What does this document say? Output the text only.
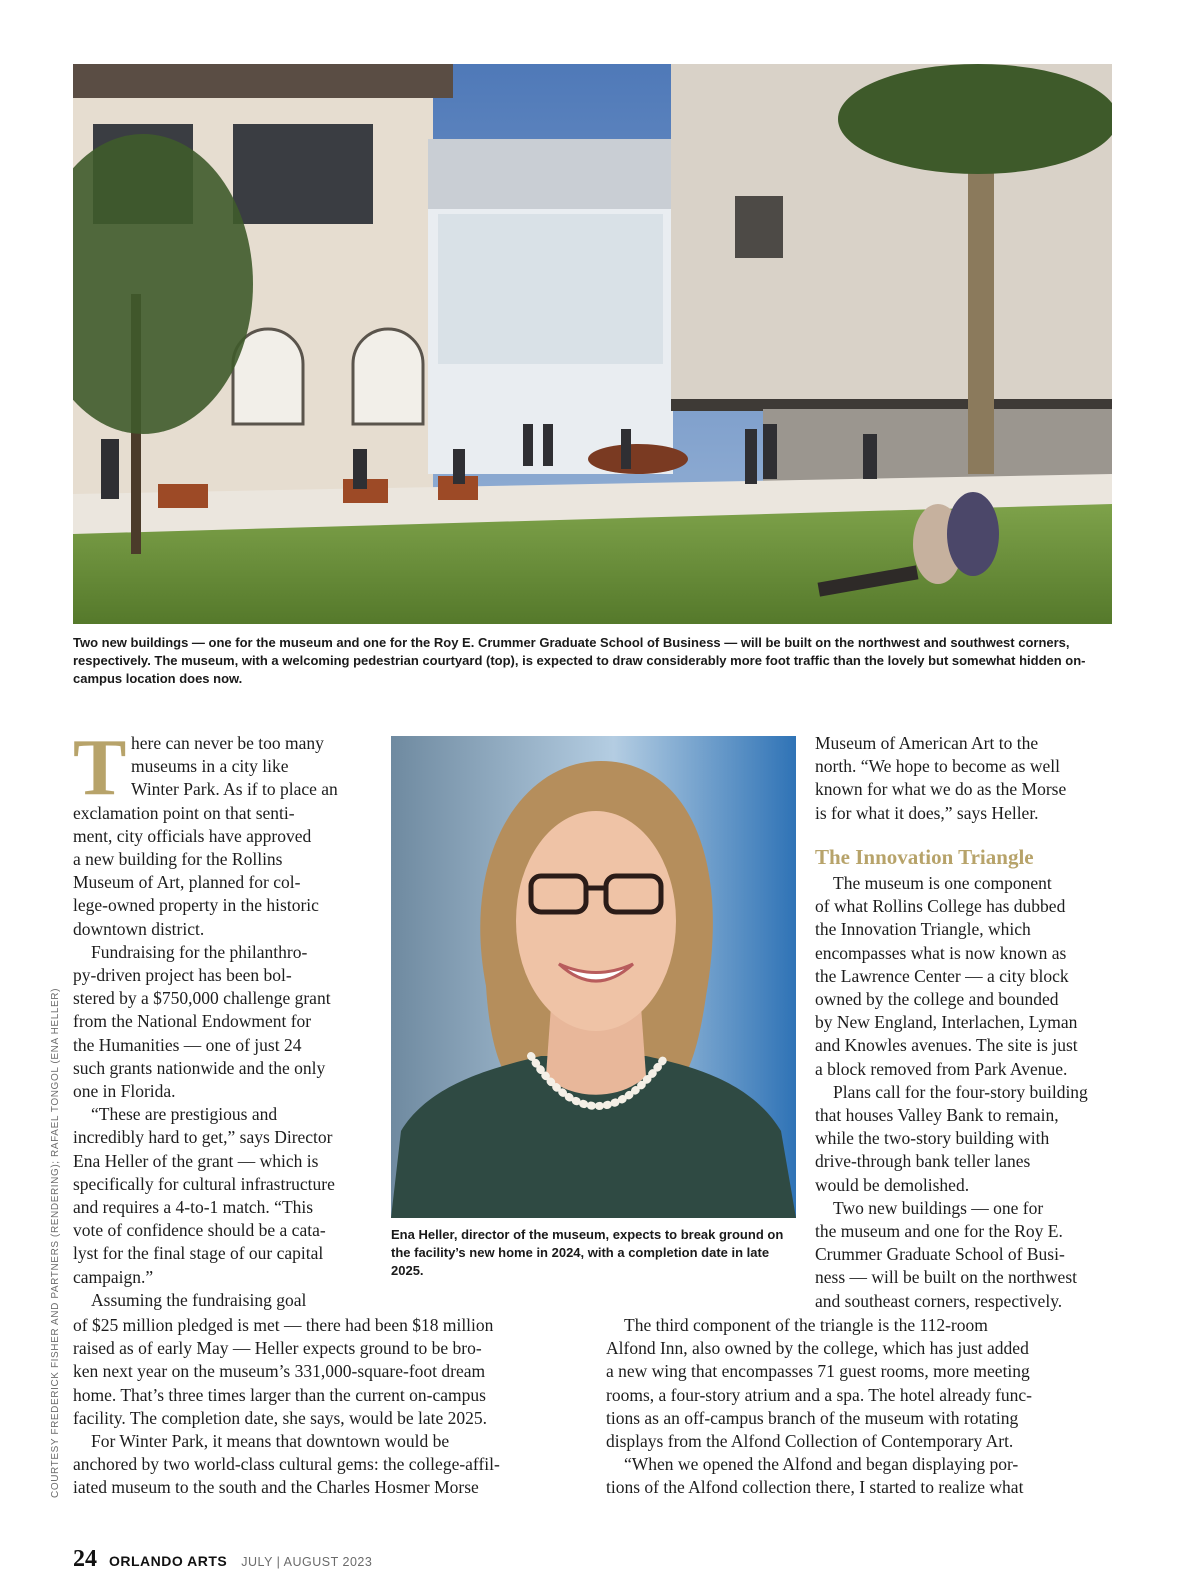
Two new buildings — one for the museum and one for the Roy E. Crummer Graduate School of Business — will be built on the northwest and southwest corners, respectively. The museum, with a welcoming pedestrian courtyard (top), is expected to draw considerably more foot traffic than the lovely but somewhat hidden on-campus location does now.

Ena Heller, director of the museum, expects to break ground on the facility’s new home in 2024, with a completion date in late 2025.

T here can never be too many
museums in a city like
Winter Park. As if to place an
exclamation point on that senti-
ment, city officials have approved
a new building for the Rollins
Museum of Art, planned for col-
lege-owned property in the historic
downtown district.
Fundraising for the philanthro-
py-driven project has been bol-
stered by a $750,000 challenge grant
from the National Endowment for
the Humanities — one of just 24
such grants nationwide and the only
one in Florida.
“These are prestigious and
incredibly hard to get,” says Director
Ena Heller of the grant — which is
specifically for cultural infrastructure
and requires a 4-to-1 match. “This
vote of confidence should be a cata-
lyst for the final stage of our capital
campaign.”
Assuming the fundraising goal
Museum of American Art to the
north. “We hope to become as well
known for what we do as the Morse
is for what it does,” says Heller.
The Innovation Triangle
The museum is one component
of what Rollins College has dubbed
the Innovation Triangle, which
encompasses what is now known as
the Lawrence Center — a city block
owned by the college and bounded
by New England, Interlachen, Lyman
and Knowles avenues. The site is just
a block removed from Park Avenue.
Plans call for the four-story building
that houses Valley Bank to remain,
while the two-story building with
drive-through bank teller lanes
would be demolished.
Two new buildings — one for
the museum and one for the Roy E.
Crummer Graduate School of Busi-
ness — will be built on the northwest
and southeast corners, respectively.
of $25 million pledged is met — there had been $18 million
raised as of early May — Heller expects ground to be bro-
ken next year on the museum’s 331,000-square-foot dream
home. That’s three times larger than the current on-campus
facility. The completion date, she says, would be late 2025.
For Winter Park, it means that downtown would be
anchored by two world-class cultural gems: the college-affil-
iated museum to the south and the Charles Hosmer Morse
The third component of the triangle is the 112-room
Alfond Inn, also owned by the college, which has just added
a new wing that encompasses 71 guest rooms, more meeting
rooms, a four-story atrium and a spa. The hotel already func-
tions as an off-campus branch of the museum with rotating
displays from the Alfond Collection of Contemporary Art.
“When we opened the Alfond and began displaying por-
tions of the Alfond collection there, I started to realize what
COURTESY FREDERICK FISHER AND PARTNERS (RENDERING); RAFAEL TONGOL (ENA HELLER)
24 ORLANDO ARTS JULY | AUGUST 2023
